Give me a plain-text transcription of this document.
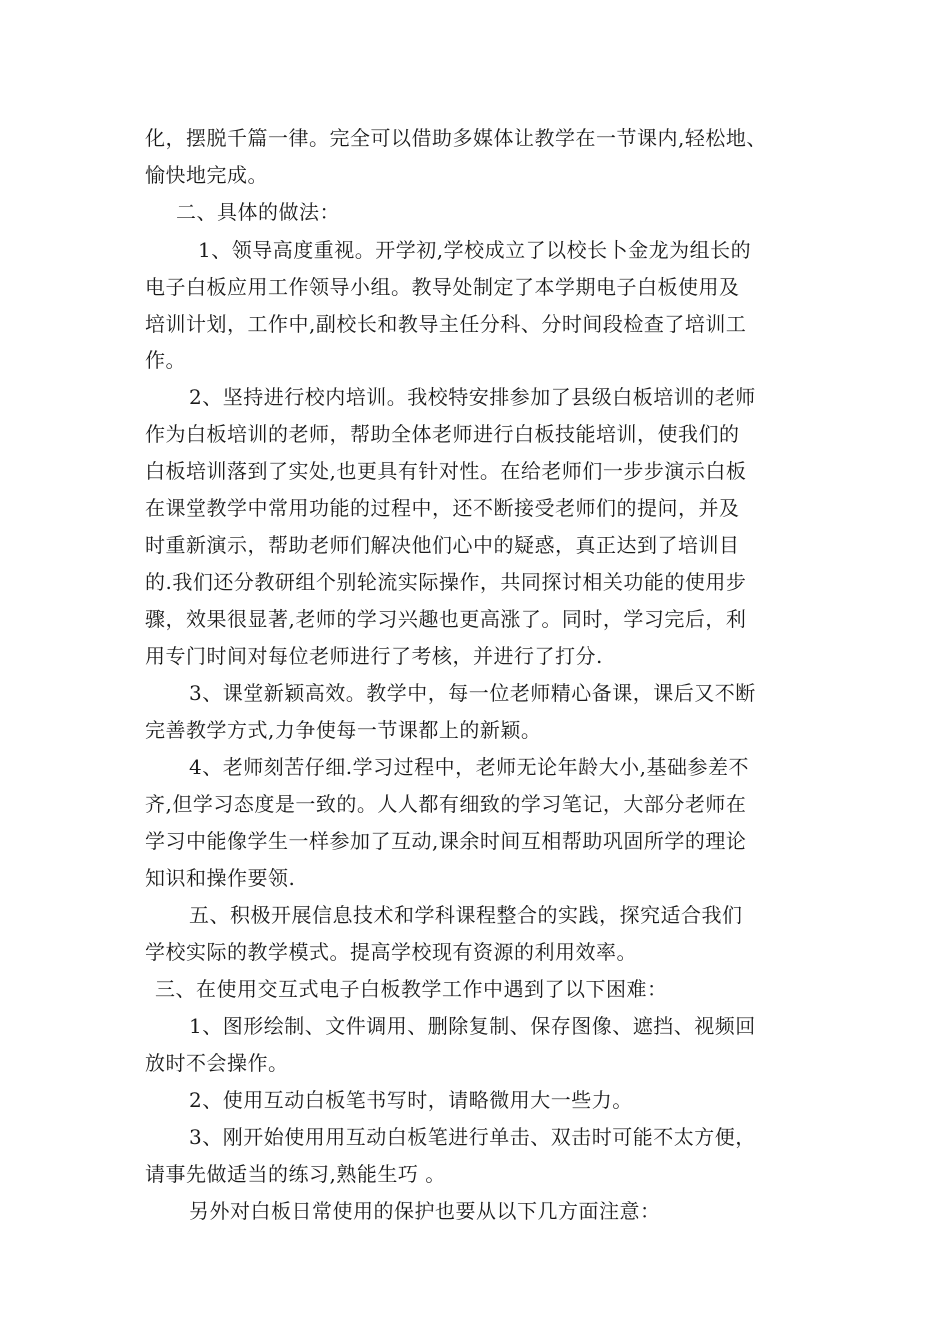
化，摆脱千篇一律。完全可以借助多媒体让教学在一节课内,轻松地、
愉快地完成。
二、具体的做法：
1、领导高度重视。开学初,学校成立了以校长卜金龙为组长的
电子白板应用工作领导小组。教导处制定了本学期电子白板使用及
培训计划，工作中,副校长和教导主任分科、分时间段检查了培训工
作。
2、坚持进行校内培训。我校特安排参加了县级白板培训的老师
作为白板培训的老师，帮助全体老师进行白板技能培训，使我们的
白板培训落到了实处,也更具有针对性。在给老师们一步步演示白板
在课堂教学中常用功能的过程中，还不断接受老师们的提问，并及
时重新演示，帮助老师们解决他们心中的疑惑，真正达到了培训目
的.我们还分教研组个别轮流实际操作，共同探讨相关功能的使用步
骤，效果很显著,老师的学习兴趣也更高涨了。同时，学习完后，利
用专门时间对每位老师进行了考核，并进行了打分.
3、课堂新颖高效。教学中，每一位老师精心备课，课后又不断
完善教学方式,力争使每一节课都上的新颖。
4、老师刻苦仔细.学习过程中，老师无论年龄大小,基础参差不
齐,但学习态度是一致的。人人都有细致的学习笔记，大部分老师在
学习中能像学生一样参加了互动,课余时间互相帮助巩固所学的理论
知识和操作要领.
五、积极开展信息技术和学科课程整合的实践，探究适合我们
学校实际的教学模式。提高学校现有资源的利用效率。
三、在使用交互式电子白板教学工作中遇到了以下困难：
1、图形绘制、文件调用、删除复制、保存图像、遮挡、视频回
放时不会操作。
2、使用互动白板笔书写时，请略微用大一些力。
3、刚开始使用用互动白板笔进行单击、双击时可能不太方便，
请事先做适当的练习,熟能生巧 。
另外对白板日常使用的保护也要从以下几方面注意：
